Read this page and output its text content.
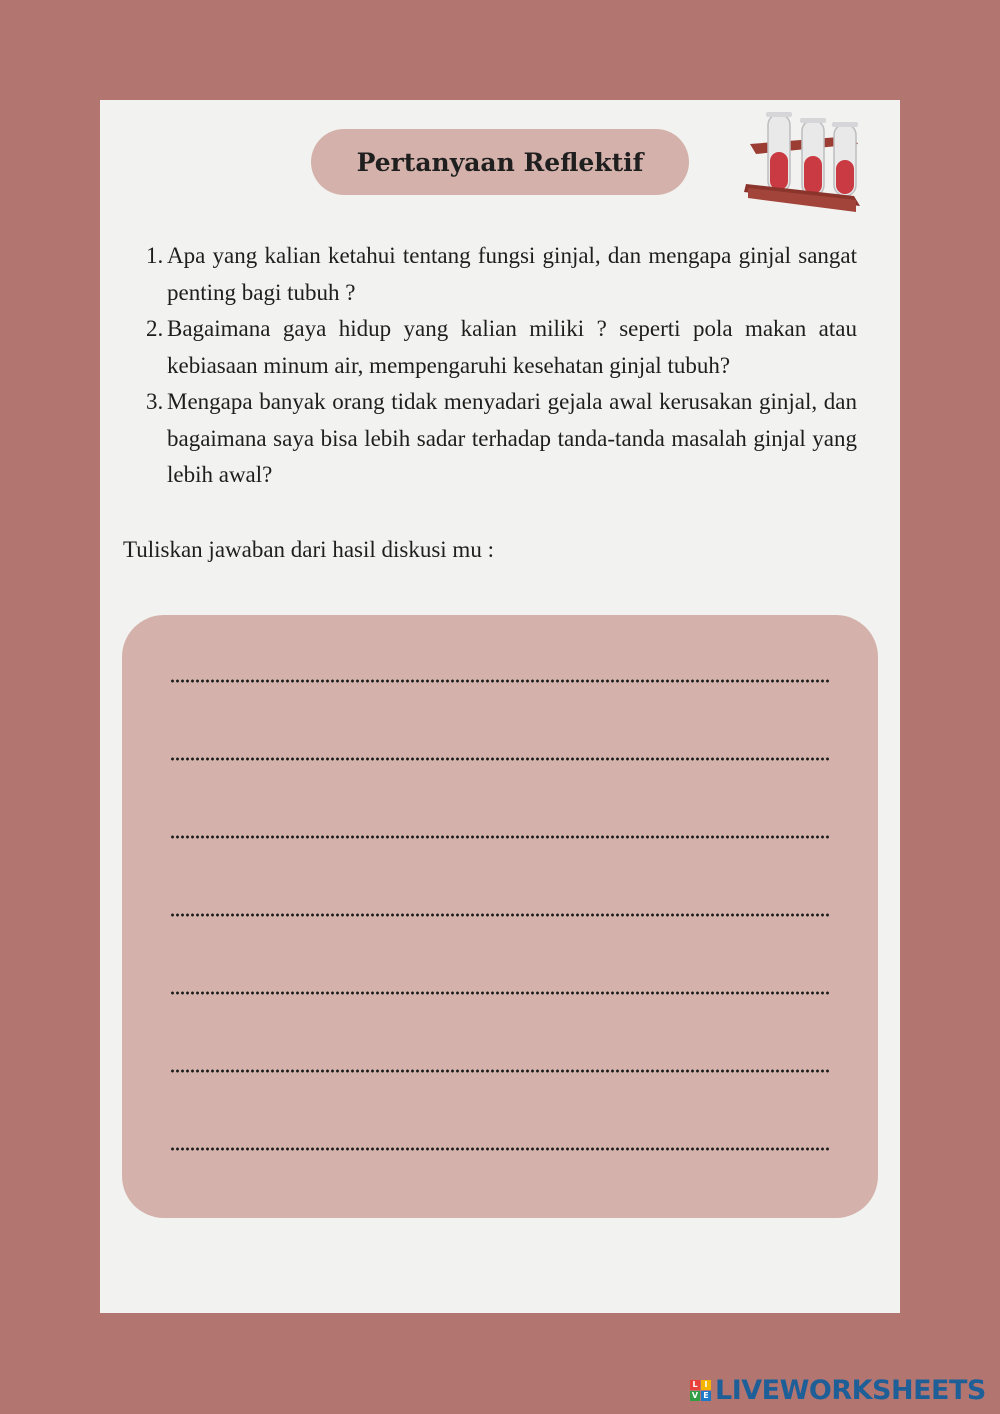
Pertanyaan Reflektif
1. Apa yang kalian ketahui tentang fungsi ginjal, dan mengapa ginjal sangat penting bagi tubuh ?
2. Bagaimana gaya hidup yang kalian miliki ? seperti pola makan atau kebiasaan minum air, mempengaruhi kesehatan ginjal tubuh?
3. Mengapa banyak orang tidak menyadari gejala awal kerusakan ginjal, dan bagaimana saya bisa lebih sadar terhadap tanda-tanda masalah ginjal yang lebih awal?
Tuliskan jawaban dari hasil diskusi mu :
L I
V E LIVEWORKSHEETS
